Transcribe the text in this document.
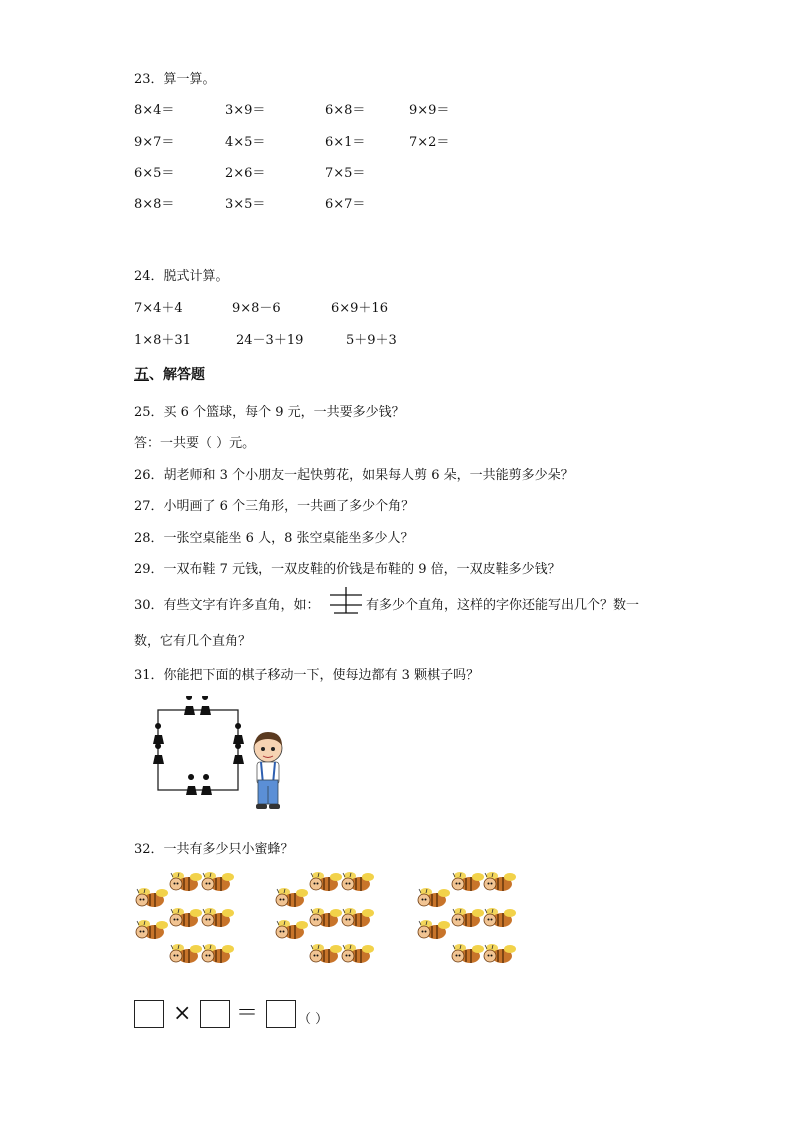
23．算一算。
8×4＝	3×9＝	6×8＝	9×9＝
9×7＝	4×5＝	6×1＝	7×2＝
6×5＝	2×6＝	7×5＝
8×8＝	3×5＝	6×7＝
24．脱式计算。
7×4＋4	9×8－6	6×9＋16
1×8＋31	24－3＋19	5＋9＋3
五、解答题
25．买 6 个篮球，每个 9 元，一共要多少钱？
答：一共要（ ）元。
26．胡老师和 3 个小朋友一起快剪花，如果每人剪 6 朵，一共能剪多少朵？
27．小明画了 6 个三角形，一共画了多少个角？
28．一张空桌能坐 6 人，8 张空桌能坐多少人？
29．一双布鞋 7 元钱，一双皮鞋的价钱是布鞋的 9 倍，一双皮鞋多少钱？
30．有些文字有许多直角，如：	有多少个直角，这样的字你还能写出几个？数一
数，它有几个直角？
31．你能把下面的棋子移动一下，使每边都有 3 颗棋子吗？
32．一共有多少只小蜜蜂？
× ＝	（ ）
